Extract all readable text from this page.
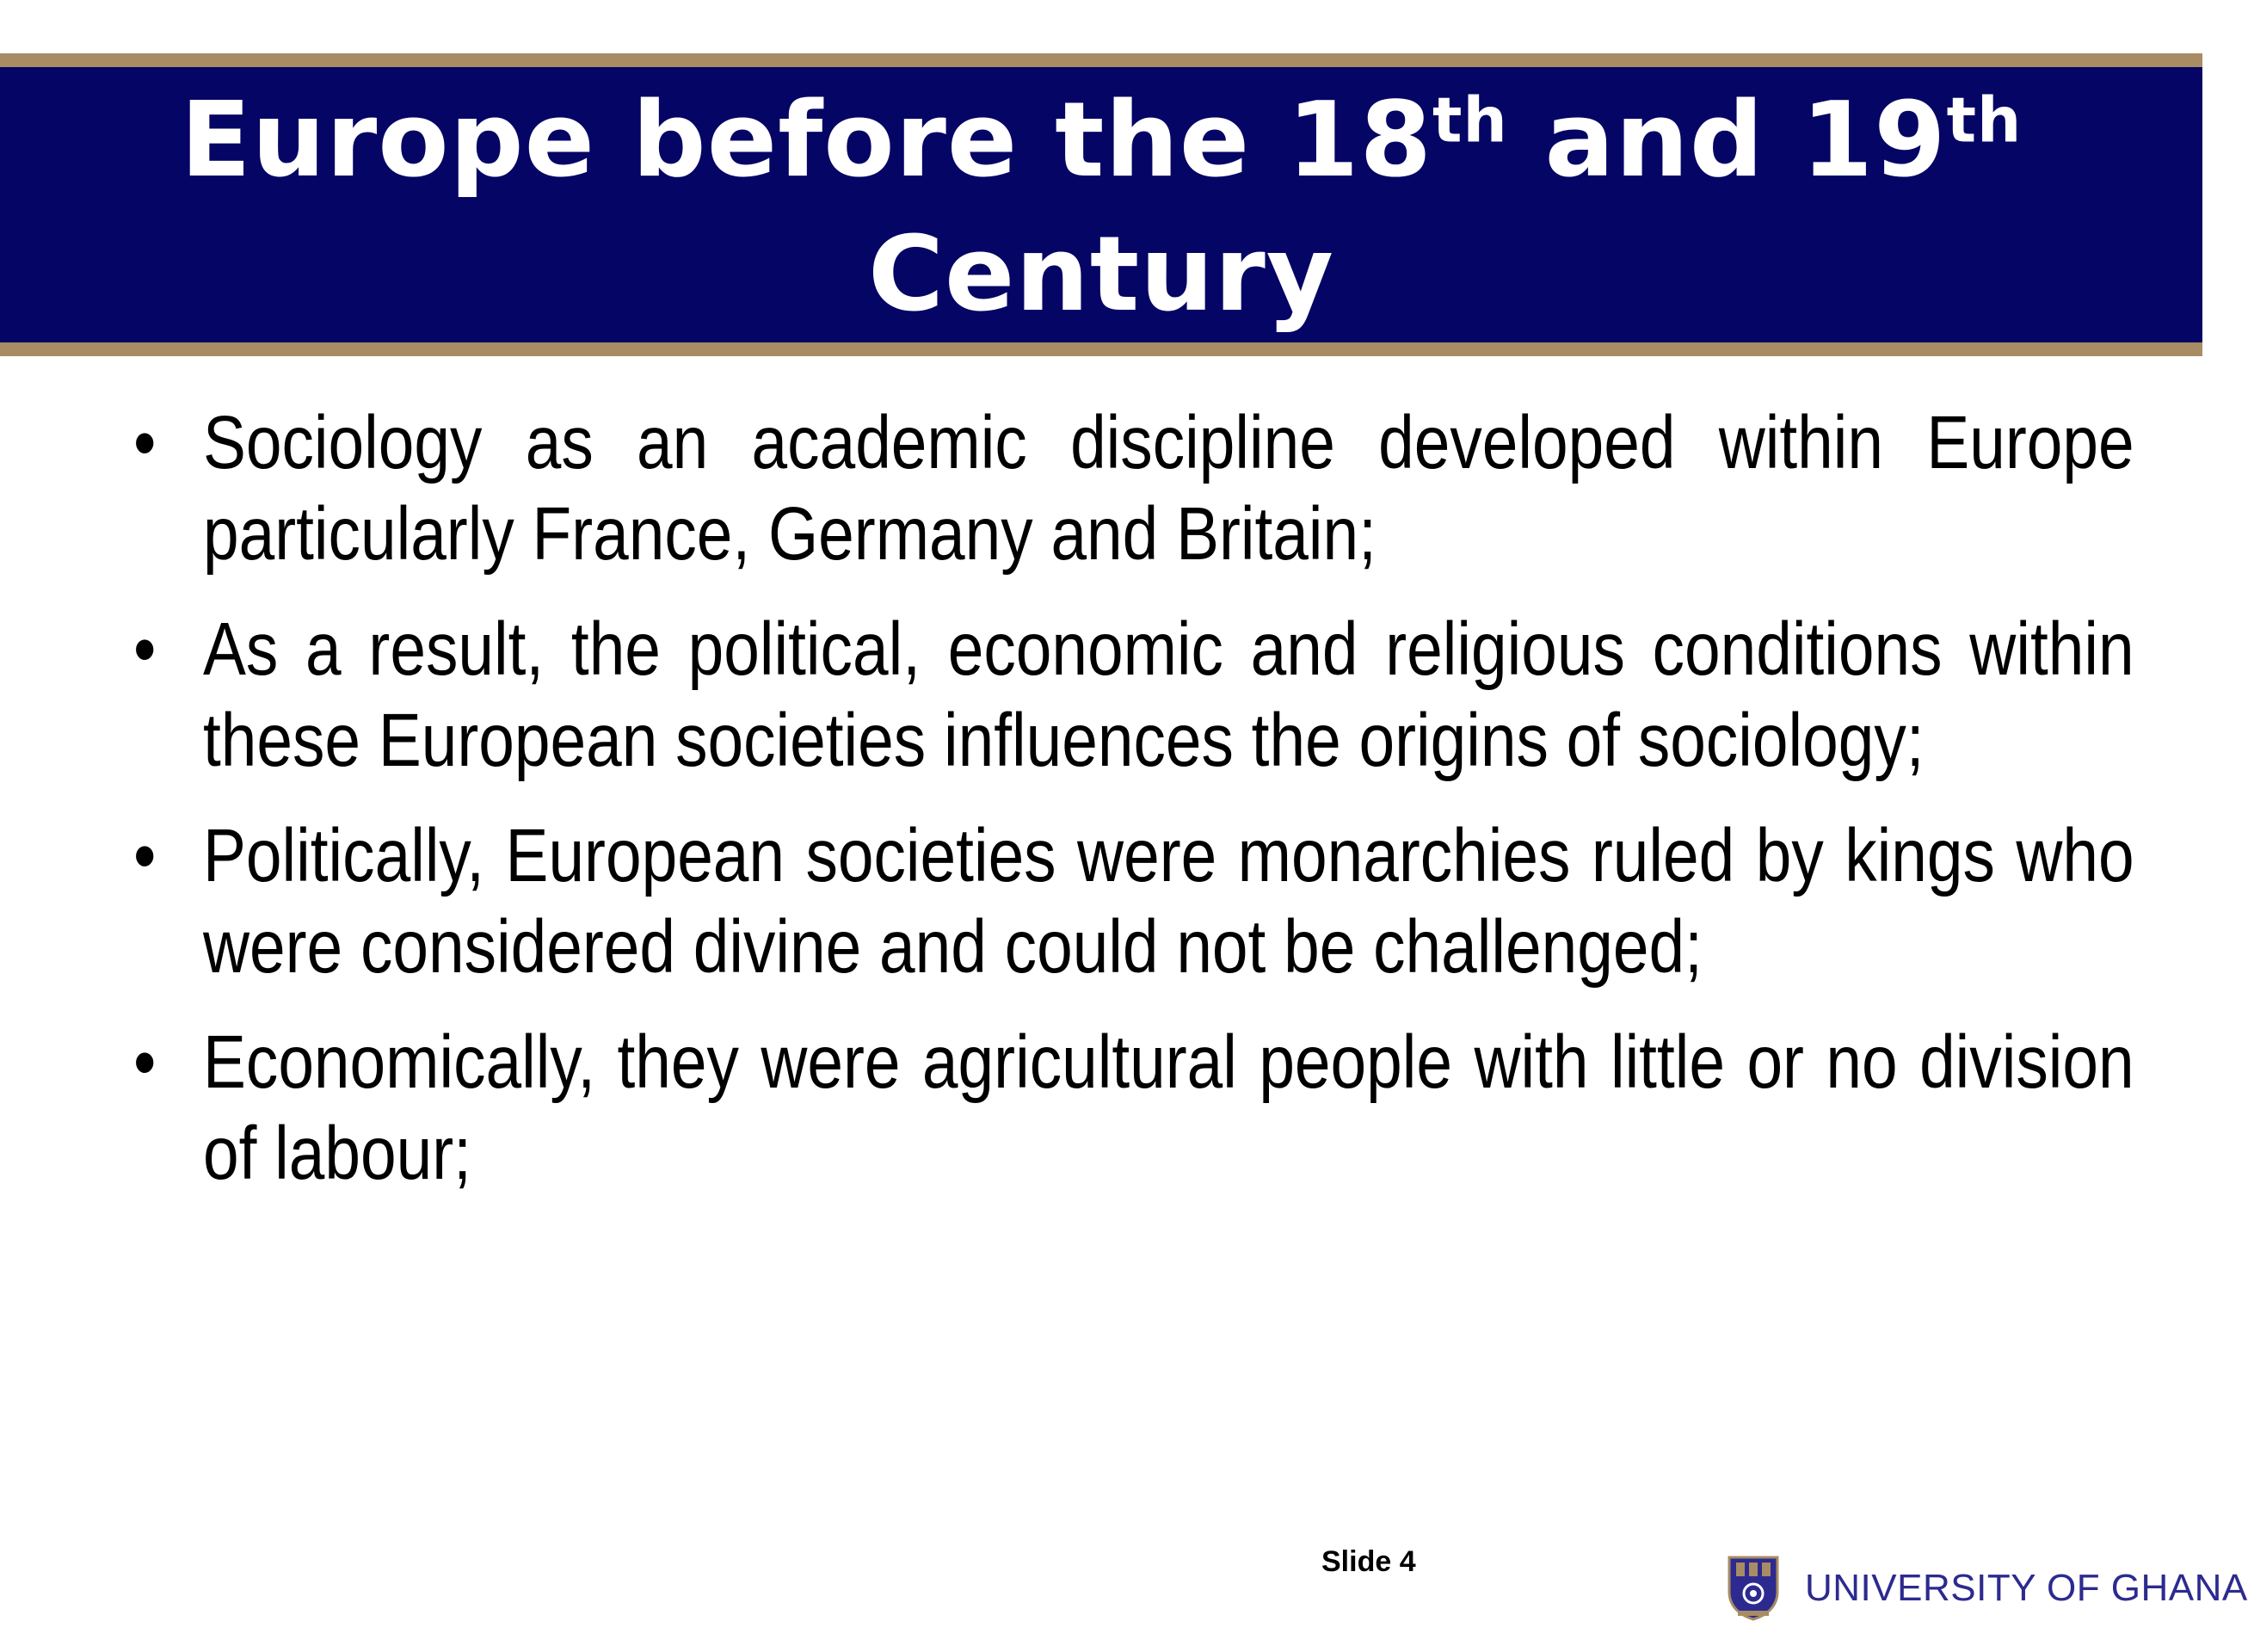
Europe before the 18th and 19th
Century
• Sociology as an academic discipline developed within Europe particularly France, Germany and Britain;
• As a result, the political, economic and religious conditions within these European societies influences the origins of sociology;
• Politically, European societies were monarchies ruled by kings who were considered divine and could not be challenged;
• Economically, they were agricultural people with little or no division of labour;
Slide 4
UNIVERSITY OF GHANA
